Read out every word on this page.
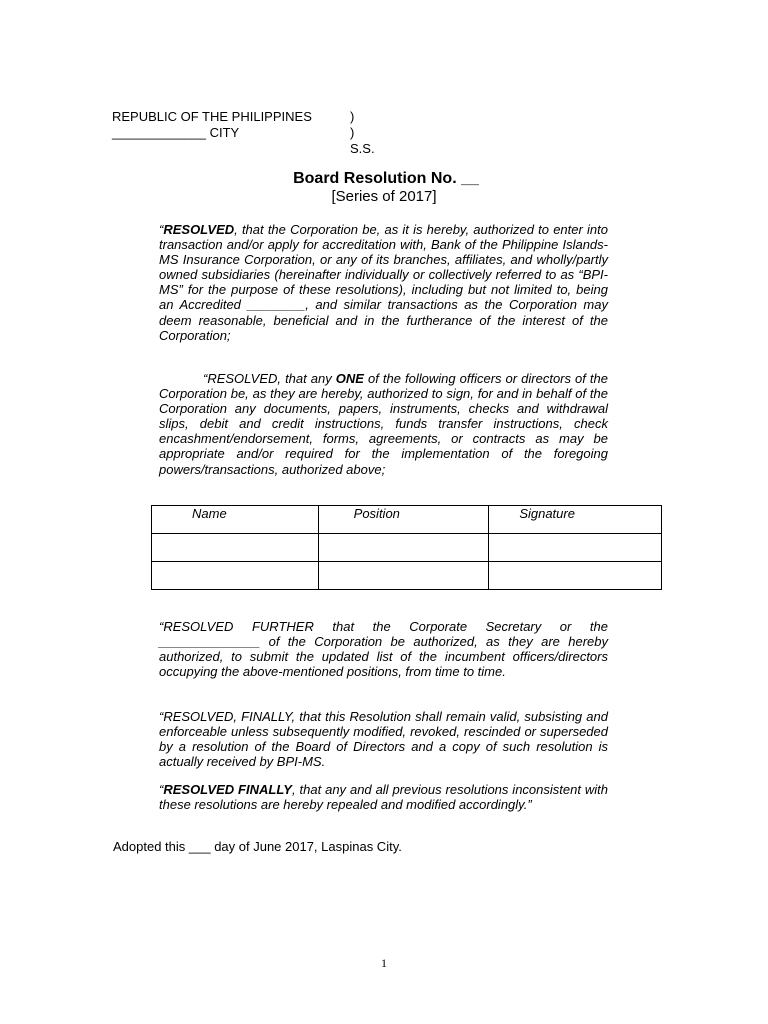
REPUBLIC OF THE PHILIPPINES	)
_____________ CITY	) S.S.
Board Resolution No. __
[Series of 2017]
“RESOLVED, that the Corporation be, as it is hereby, authorized to enter into transaction and/or apply for accreditation with, Bank of the Philippine Islands-MS Insurance Corporation, or any of its branches, affiliates, and wholly/partly owned subsidiaries (hereinafter individually or collectively referred to as “BPI-MS” for the purpose of these resolutions), including but not limited to, being an Accredited ________, and similar transactions as the Corporation may deem reasonable, beneficial and in the furtherance of the interest of the Corporation;
“RESOLVED, that any ONE of the following officers or directors of the Corporation be, as they are hereby, authorized to sign, for and in behalf of the Corporation any documents, papers, instruments, checks and withdrawal slips, debit and credit instructions, funds transfer instructions, check encashment/endorsement, forms, agreements, or contracts as may be appropriate and/or required for the implementation of the foregoing powers/transactions, authorized above;
Name	Position	Signature

“RESOLVED FURTHER that the Corporate Secretary or the ______________ of the Corporation be authorized, as they are hereby authorized, to submit the updated list of the incumbent officers/directors occupying the above-mentioned positions, from time to time.
“RESOLVED, FINALLY, that this Resolution shall remain valid, subsisting and enforceable unless subsequently modified, revoked, rescinded or superseded by a resolution of the Board of Directors and a copy of such resolution is actually received by BPI-MS.
“RESOLVED FINALLY, that any and all previous resolutions inconsistent with these resolutions are hereby repealed and modified accordingly.”
Adopted this ___ day of June 2017, Laspinas City.
1
